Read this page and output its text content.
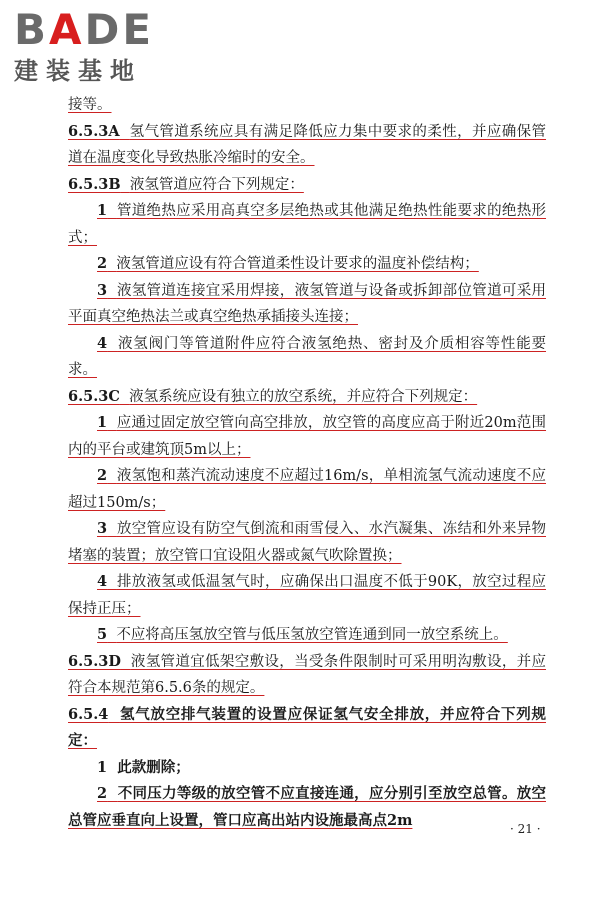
BADE
建装基地

接等。

6.5.3A 氢气管道系统应具有满足降低应力集中要求的柔性，并应确保管道在温度变化导致热胀冷缩时的安全。

6.5.3B 液氢管道应符合下列规定：

1 管道绝热应采用高真空多层绝热或其他满足绝热性能要求的绝热形式；

2 液氢管道应设有符合管道柔性设计要求的温度补偿结构；

3 液氢管道连接宜采用焊接，液氢管道与设备或拆卸部位管道可采用平面真空绝热法兰或真空绝热承插接头连接；

4 液氢阀门等管道附件应符合液氢绝热、密封及介质相容等性能要求。

6.5.3C 液氢系统应设有独立的放空系统，并应符合下列规定：

1 应通过固定放空管向高空排放，放空管的高度应高于附近20m范围内的平台或建筑顶5m以上；

2 液氢饱和蒸汽流动速度不应超过16m/s，单相流氢气流动速度不应超过150m/s；

3 放空管应设有防空气倒流和雨雪侵入、水汽凝集、冻结和外来异物堵塞的装置；放空管口宜设阻火器或氮气吹除置换；

4 排放液氢或低温氢气时，应确保出口温度不低于90K，放空过程应保持正压；

5 不应将高压氢放空管与低压氢放空管连通到同一放空系统上。

6.5.3D 液氢管道宜低架空敷设，当受条件限制时可采用明沟敷设，并应符合本规范第6.5.6条的规定。

6.5.4 氢气放空排气装置的设置应保证氢气安全排放，并应符合下列规定：

1 此款删除；

2 不同压力等级的放空管不应直接连通，应分别引至放空总管。放空总管应垂直向上设置，管口应高出站内设施最高点2m

· 21 ·
